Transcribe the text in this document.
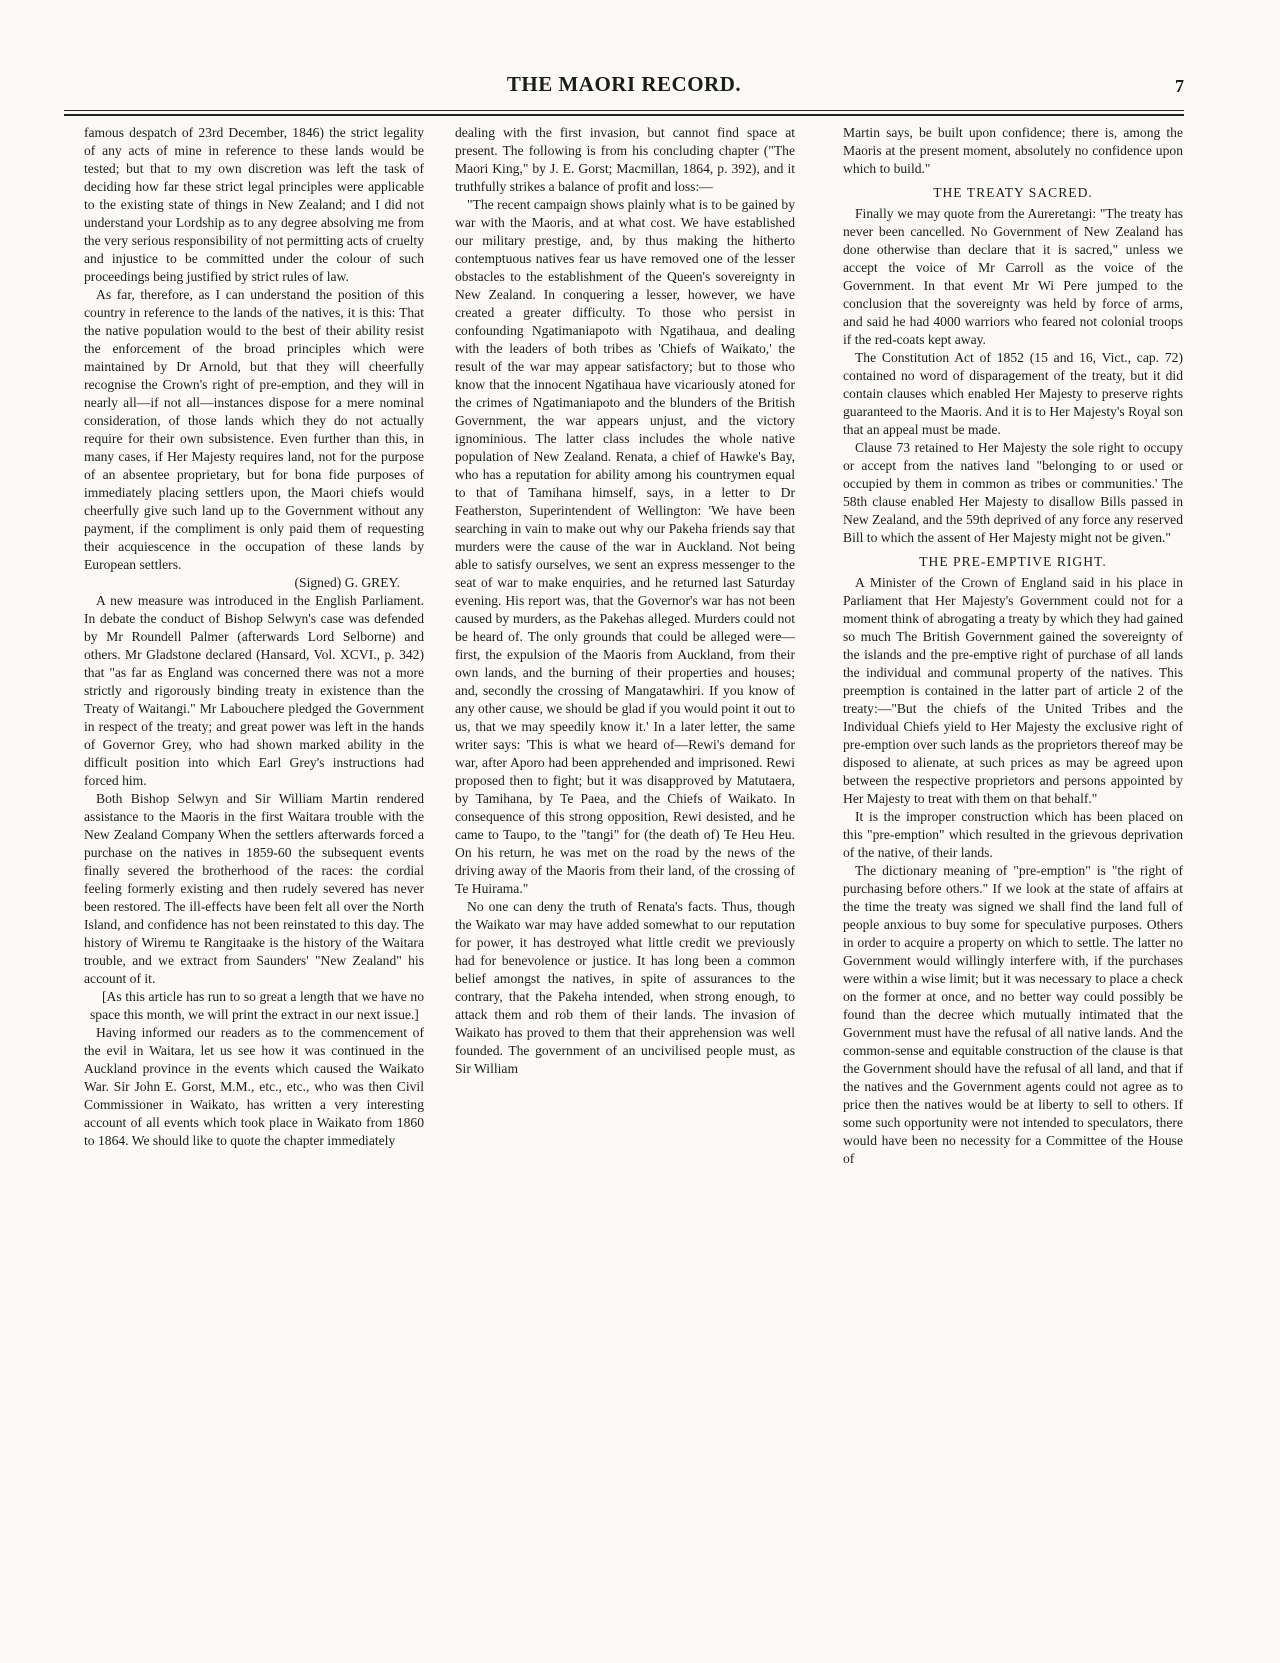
THE MAORI RECORD.	7

famous despatch of 23rd December, 1846) the strict legality of any acts of mine in reference to these lands would be tested; but that to my own discretion was left the task of deciding how far these strict legal principles were applicable to the existing state of things in New Zealand; and I did not understand your Lordship as to any degree absolving me from the very serious responsibility of not permitting acts of cruelty and injustice to be committed under the colour of such proceedings being justified by strict rules of law.

As far, therefore, as I can understand the position of this country in reference to the lands of the natives, it is this: That the native population would to the best of their ability resist the enforcement of the broad principles which were maintained by Dr Arnold, but that they will cheerfully recognise the Crown's right of pre-emption, and they will in nearly all—if not all—instances dispose for a mere nominal consideration, of those lands which they do not actually require for their own subsistence. Even further than this, in many cases, if Her Majesty requires land, not for the purpose of an absentee proprietary, but for bona fide purposes of immediately placing settlers upon, the Maori chiefs would cheerfully give such land up to the Government without any payment, if the compliment is only paid them of requesting their acquiescence in the occupation of these lands by European settlers.

(Signed) G. GREY.

A new measure was introduced in the English Parliament. In debate the conduct of Bishop Selwyn's case was defended by Mr Roundell Palmer (afterwards Lord Selborne) and others. Mr Gladstone declared (Hansard, Vol. XCVI., p. 342) that "as far as England was concerned there was not a more strictly and rigorously binding treaty in existence than the Treaty of Waitangi." Mr Labouchere pledged the Government in respect of the treaty; and great power was left in the hands of Governor Grey, who had shown marked ability in the difficult position into which Earl Grey's instructions had forced him.

Both Bishop Selwyn and Sir William Martin rendered assistance to the Maoris in the first Waitara trouble with the New Zealand Company When the settlers afterwards forced a purchase on the natives in 1859-60 the subsequent events finally severed the brotherhood of the races: the cordial feeling formerly existing and then rudely severed has never been restored. The ill-effects have been felt all over the North Island, and confidence has not been reinstated to this day. The history of Wiremu te Rangitaake is the history of the Waitara trouble, and we extract from Saunders' "New Zealand" his account of it.

[As this article has run to so great a length that we have no space this month, we will print the extract in our next issue.]

Having informed our readers as to the commencement of the evil in Waitara, let us see how it was continued in the Auckland province in the events which caused the Waikato War. Sir John E. Gorst, M.M., etc., etc., who was then Civil Commissioner in Waikato, has written a very interesting account of all events which took place in Waikato from 1860 to 1864. We should like to quote the chapter immediately

dealing with the first invasion, but cannot find space at present. The following is from his concluding chapter ("The Maori King," by J. E. Gorst; Macmillan, 1864, p. 392), and it truthfully strikes a balance of profit and loss:—

"The recent campaign shows plainly what is to be gained by war with the Maoris, and at what cost. We have established our military prestige, and, by thus making the hitherto contemptuous natives fear us have removed one of the lesser obstacles to the establishment of the Queen's sovereignty in New Zealand. In conquering a lesser, however, we have created a greater difficulty. To those who persist in confounding Ngatimaniapoto with Ngatihaua, and dealing with the leaders of both tribes as 'Chiefs of Waikato,' the result of the war may appear satisfactory; but to those who know that the innocent Ngatihaua have vicariously atoned for the crimes of Ngatimaniapoto and the blunders of the British Government, the war appears unjust, and the victory ignominious. The latter class includes the whole native population of New Zealand. Renata, a chief of Hawke's Bay, who has a reputation for ability among his countrymen equal to that of Tamihana himself, says, in a letter to Dr Featherston, Superintendent of Wellington: 'We have been searching in vain to make out why our Pakeha friends say that murders were the cause of the war in Auckland. Not being able to satisfy ourselves, we sent an express messenger to the seat of war to make enquiries, and he returned last Saturday evening. His report was, that the Governor's war has not been caused by murders, as the Pakehas alleged. Murders could not be heard of. The only grounds that could be alleged were—first, the expulsion of the Maoris from Auckland, from their own lands, and the burning of their properties and houses; and, secondly the crossing of Mangatawhiri. If you know of any other cause, we should be glad if you would point it out to us, that we may speedily know it.' In a later letter, the same writer says: 'This is what we heard of—Rewi's demand for war, after Aporo had been apprehended and imprisoned. Rewi proposed then to fight; but it was disapproved by Matutaera, by Tamihana, by Te Paea, and the Chiefs of Waikato. In consequence of this strong opposition, Rewi desisted, and he came to Taupo, to the "tangi" for (the death of) Te Heu Heu. On his return, he was met on the road by the news of the driving away of the Maoris from their land, of the crossing of Te Huirama."

No one can deny the truth of Renata's facts. Thus, though the Waikato war may have added somewhat to our reputation for power, it has destroyed what little credit we previously had for benevolence or justice. It has long been a common belief amongst the natives, in spite of assurances to the contrary, that the Pakeha intended, when strong enough, to attack them and rob them of their lands. The invasion of Waikato has proved to them that their apprehension was well founded. The government of an uncivilised people must, as Sir William

Martin says, be built upon confidence; there is, among the Maoris at the present moment, absolutely no confidence upon which to build."

THE TREATY SACRED.

Finally we may quote from the Aureretangi: "The treaty has never been cancelled. No Government of New Zealand has done otherwise than declare that it is sacred," unless we accept the voice of Mr Carroll as the voice of the Government. In that event Mr Wi Pere jumped to the conclusion that the sovereignty was held by force of arms, and said he had 4000 warriors who feared not colonial troops if the red-coats kept away.

The Constitution Act of 1852 (15 and 16, Vict., cap. 72) contained no word of disparagement of the treaty, but it did contain clauses which enabled Her Majesty to preserve rights guaranteed to the Maoris. And it is to Her Majesty's Royal son that an appeal must be made.

Clause 73 retained to Her Majesty the sole right to occupy or accept from the natives land "belonging to or used or occupied by them in common as tribes or communities.' The 58th clause enabled Her Majesty to disallow Bills passed in New Zealand, and the 59th deprived of any force any reserved Bill to which the assent of Her Majesty might not be given."

THE PRE-EMPTIVE RIGHT.

A Minister of the Crown of England said in his place in Parliament that Her Majesty's Government could not for a moment think of abrogating a treaty by which they had gained so much The British Government gained the sovereignty of the islands and the pre-emptive right of purchase of all lands the individual and communal property of the natives. This preemption is contained in the latter part of article 2 of the treaty:—"But the chiefs of the United Tribes and the Individual Chiefs yield to Her Majesty the exclusive right of pre-emption over such lands as the proprietors thereof may be disposed to alienate, at such prices as may be agreed upon between the respective proprietors and persons appointed by Her Majesty to treat with them on that behalf."

It is the improper construction which has been placed on this "pre-emption" which resulted in the grievous deprivation of the native, of their lands.

The dictionary meaning of "pre-emption" is "the right of purchasing before others." If we look at the state of affairs at the time the treaty was signed we shall find the land full of people anxious to buy some for speculative purposes. Others in order to acquire a property on which to settle. The latter no Government would willingly interfere with, if the purchases were within a wise limit; but it was necessary to place a check on the former at once, and no better way could possibly be found than the decree which mutually intimated that the Government must have the refusal of all native lands. And the common-sense and equitable construction of the clause is that the Government should have the refusal of all land, and that if the natives and the Government agents could not agree as to price then the natives would be at liberty to sell to others. If some such opportunity were not intended to speculators, there would have been no necessity for a Committee of the House of
